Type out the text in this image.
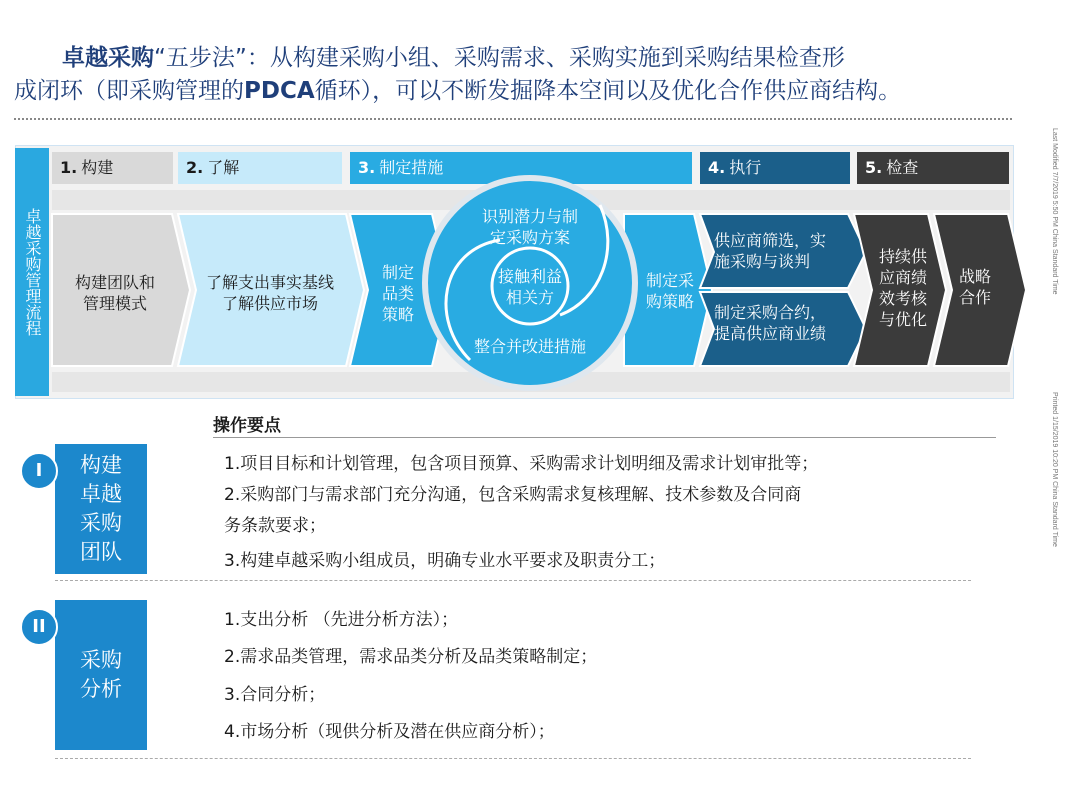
卓越采购“五步法”：从构建采购小组、采购需求、采购实施到采购结果检查形
成闭环（即采购管理的PDCA循环），可以不断发掘降本空间以及优化合作供应商结构。
Last Modified 7/7/2019 5:50 PM China Standard Time
Printed 1/15/2019 10:20 PM China Standard Time
卓越采购管理流程
1. 构建	2. 了解	3. 制定措施	4. 执行	5. 检查
构建团队和
管理模式
了解支出事实基线
了解供应市场
制定
品类
策略
识别潜力与制
定采购方案
接触利益
相关方
整合并改进措施
制定采
购策略
供应商筛选，实
施采购与谈判
制定采购合约，
提高供应商业绩
持续供
应商绩
效考核
与优化
战略
合作
操作要点
构建
卓越
采购
团队
I	1.项目目标和计划管理，包含项目预算、采购需求计划明细及需求计划审批等；
2.采购部门与需求部门充分沟通，包含采购需求复核理解、技术参数及合同商
务条款要求；
3.构建卓越采购小组成员，明确专业水平要求及职责分工；
采购
分析
II	1.支出分析 （先进分析方法）；
2.需求品类管理，需求品类分析及品类策略制定；
3.合同分析；
4.市场分析（现供分析及潜在供应商分析）；
